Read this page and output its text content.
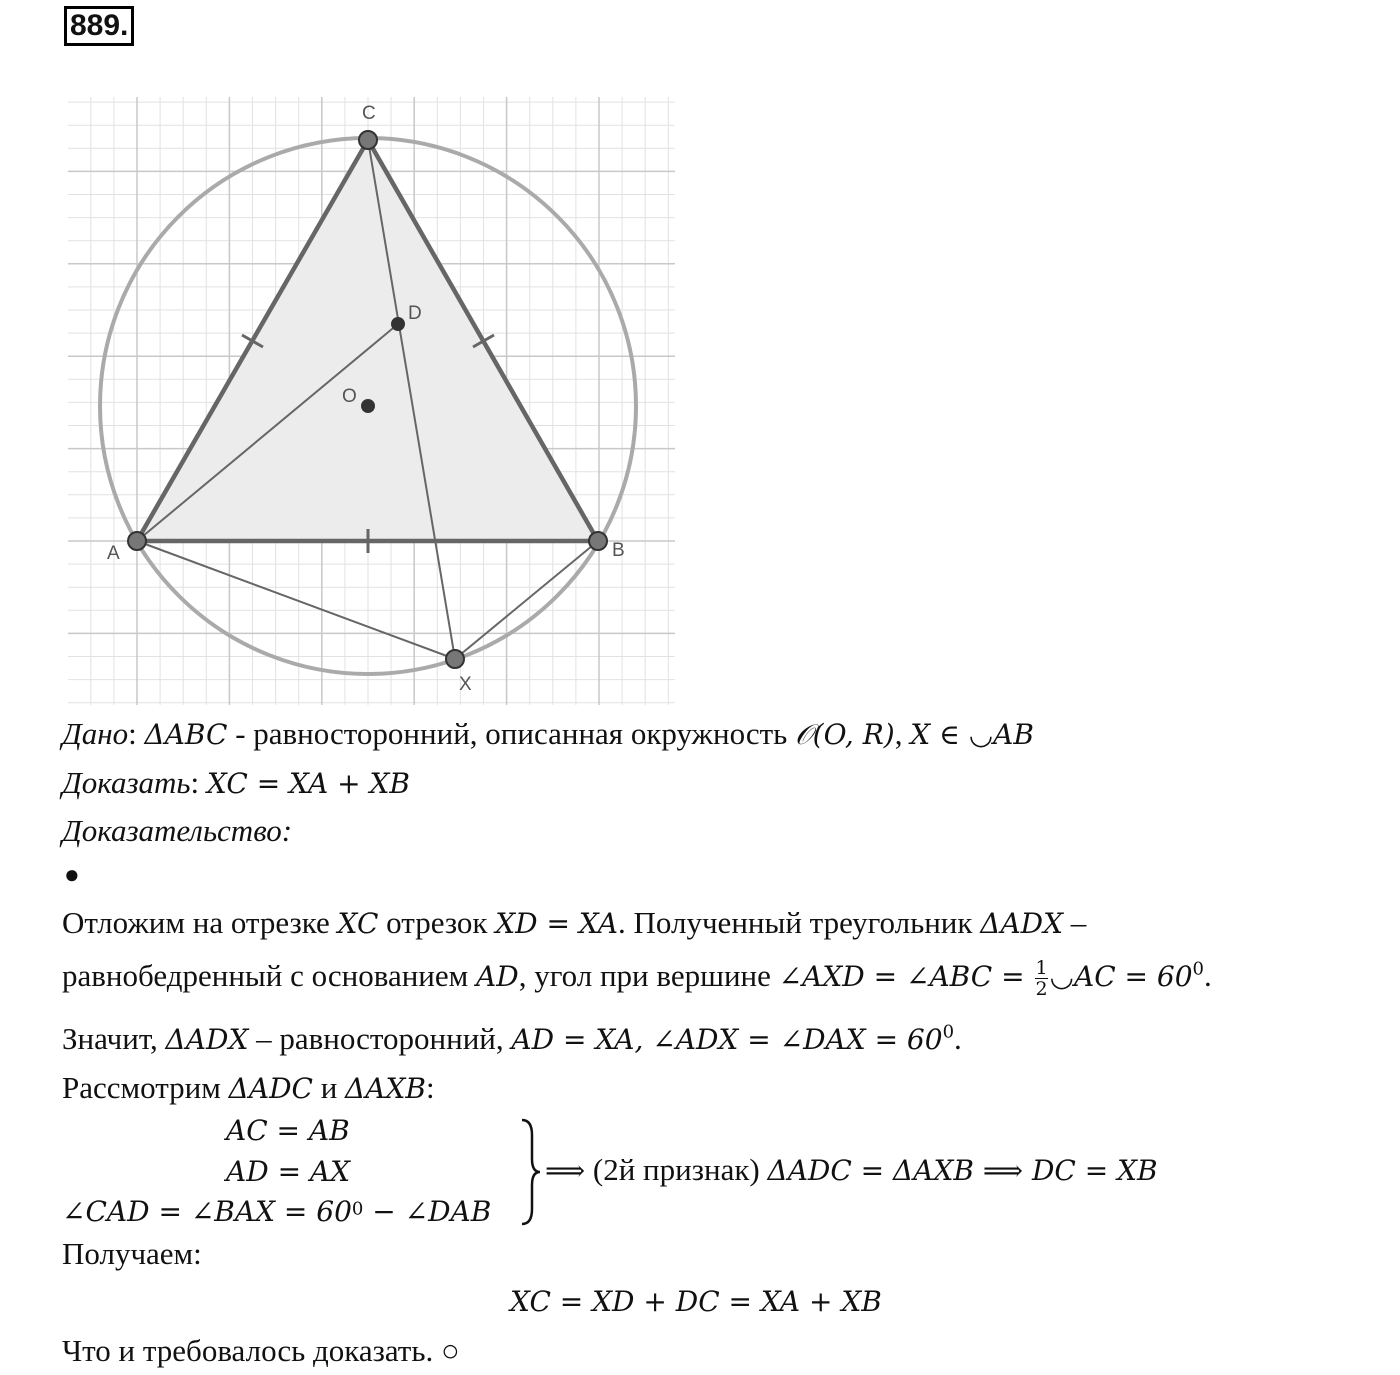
889.
C
D
O
A	B
X
Дано: ΔABC - равносторонний, описанная окружность 𝒪(O, R), X ∈ ◡AB
Доказать: XC = XA + XB
Доказательство:
●
Отложим на отрезке XC отрезок XD = XA. Полученный треугольник ΔADX –
равнобедренный с основанием AD, угол при вершине ∠AXD = ∠ABC = $\frac{1}{2}$ ◡AC = $60^0$.
Значит, ΔADX – равносторонний, AD = XA, ∠ADX = ∠DAX = $60^0$.
Рассмотрим ΔADC и ΔAXB:
AC = AB
AD = AX
∠CAD = ∠BAX = $60^0$ − ∠DAB
⟹ (2й признак) ΔADC = ΔAXB ⟹ DC = XB
Получаем:
XC = XD + DC = XA + XB
Что и требовалось доказать. ○
